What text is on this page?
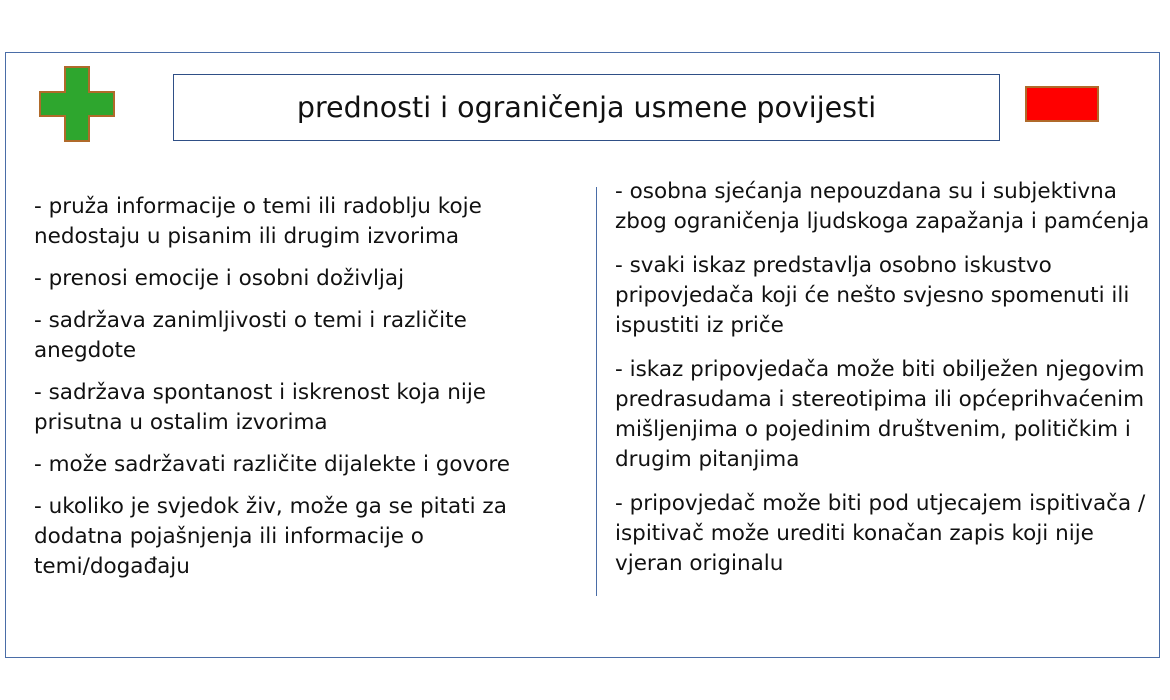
prednosti i ograničenja usmene povijesti

- pruža informacije o temi ili radoblju koje nedostaju u pisanim ili drugim izvorima

- prenosi emocije i osobni doživljaj

- sadržava zanimljivosti o temi i različite anegdote

- sadržava spontanost i iskrenost koja nije prisutna u ostalim izvorima

- može sadržavati različite dijalekte i govore

- ukoliko je svjedok živ, može ga se pitati za dodatna pojašnjenja ili informacije o temi/događaju

- osobna sjećanja nepouzdana su i subjektivna zbog ograničenja ljudskoga zapažanja i pamćenja

- svaki iskaz predstavlja osobno iskustvo pripovjedača koji će nešto svjesno spomenuti ili ispustiti iz priče

- iskaz pripovjedača može biti obilježen njegovim predrasudama i stereotipima ili općeprihvaćenim mišljenjima o pojedinim društvenim, političkim i drugim pitanjima

- pripovjedač može biti pod utjecajem ispitivača / ispitivač može urediti konačan zapis koji nije vjeran originalu
